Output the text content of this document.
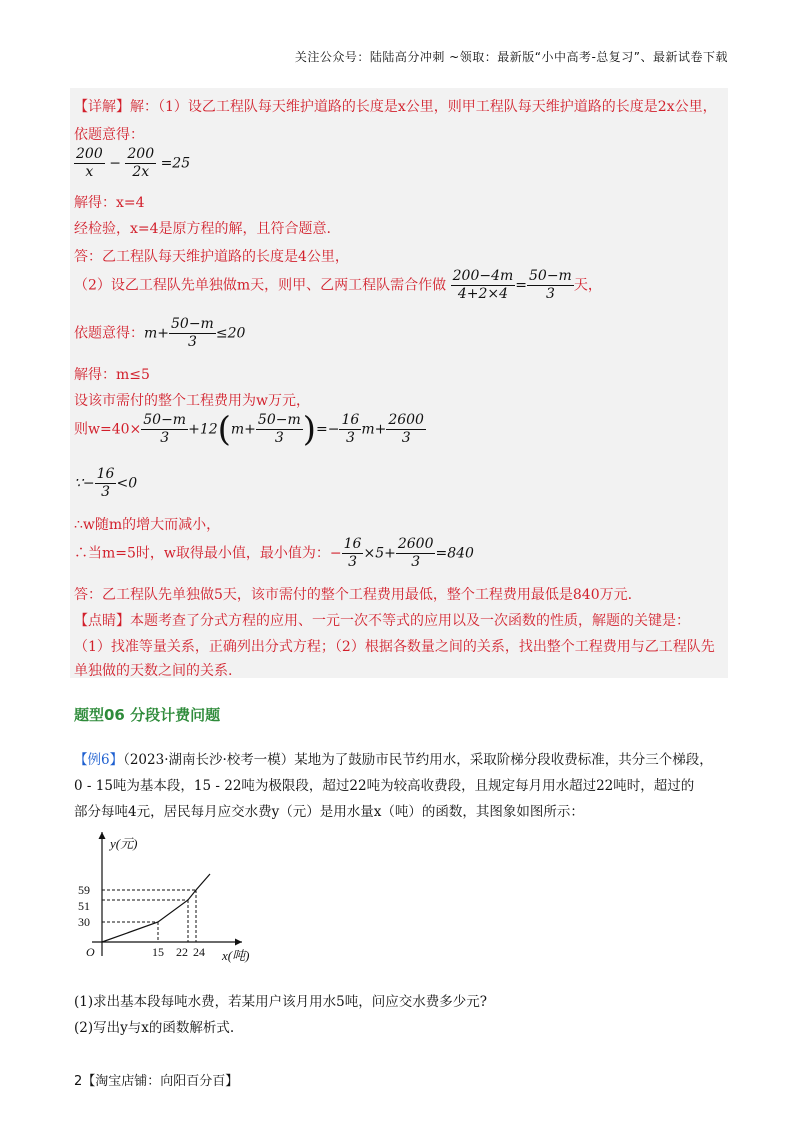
关注公众号：陆陆高分冲刺 ~领取：最新版“小中高考-总复习”、最新试卷下载
【详解】解：（1）设乙工程队每天维护道路的长度是x公里，则甲工程队每天维护道路的长度是2x公里，
依题意得：
$\frac{200}{x} - \frac{200}{2x} =25$
解得：x=4
经检验，x=4是原方程的解，且符合题意.
答：乙工程队每天维护道路的长度是4公里，
（2）设乙工程队先单独做m天，则甲、乙两工程队需合作做 $\frac{200-4m}{4+2\times 4} = \frac{50-m}{3}$ 天，
依题意得：$m+ \frac{50-m}{3} \le 20$
解得：m≤5
设该市需付的整个工程费用为w万元，
则$w=40\times \frac{50-m}{3} +12(m+ \frac{50-m}{3}$ )=− $\frac{16}{3} m+ \frac{2600}{3}$
∵− $\frac{16}{3} <0$
∴w随m的增大而减小，
∴当m=5时，w取得最小值，最小值为：− $\frac{16}{3} \times 5+ \frac{2600}{3} =840$
答：乙工程队先单独做5天，该市需付的整个工程费用最低，整个工程费用最低是840万元.
【点睛】本题考查了分式方程的应用、一元一次不等式的应用以及一次函数的性质，解题的关键是：
（1）找准等量关系，正确列出分式方程；（2）根据各数量之间的关系，找出整个工程费用与乙工程队先
单独做的天数之间的关系.
题型06 分段计费问题
【例6】（2023·湖南长沙·校考一模）某地为了鼓励市民节约用水，采取阶梯分段收费标准，共分三个梯段，
0 - 15吨为基本段，15 - 22吨为极限段，超过22吨为较高收费段，且规定每月用水超过22吨时，超过的
部分每吨4元，居民每月应交水费y（元）是用水量x（吨）的函数，其图象如图所示：
y(元)
59
51
30
O	15 22 24 x(吨)
(1)求出基本段每吨水费，若某用户该月用水5吨，问应交水费多少元?
(2)写出y与x的函数解析式.
2【淘宝店铺：向阳百分百】
